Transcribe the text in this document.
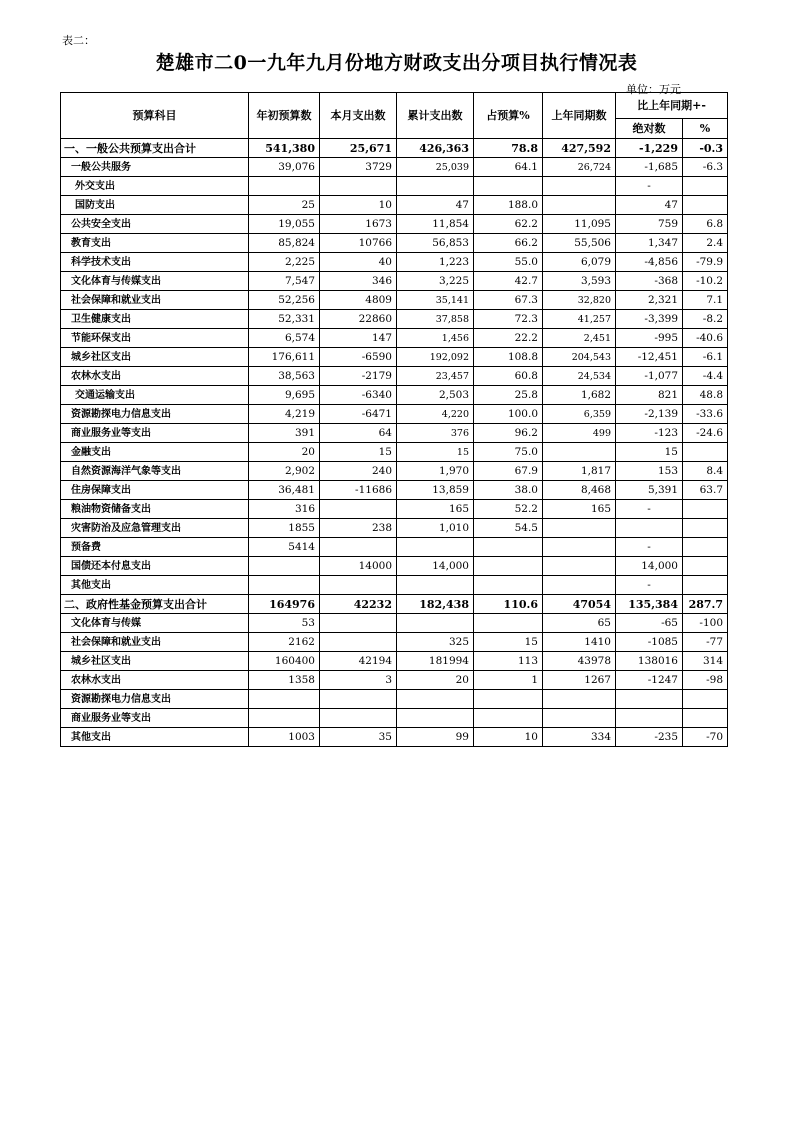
表二：
楚雄市二0一九年九月份地方财政支出分项目执行情况表
单位：万元
预算科目	年初预算数	本月支出数	累计支出数	占预算%	上年同期数	比上年同期+-	
						绝对数	%
一、一般公共预算支出合计	541,380	25,671	426,363	78.8	427,592	-1,229	-0.3
一般公共服务	39,076	3729	25,039	64.1	26,724	-1,685	-6.3
外交支出						-	
国防支出	25	10	47	188.0		47	
公共安全支出	19,055	1673	11,854	62.2	11,095	759	6.8
教育支出	85,824	10766	56,853	66.2	55,506	1,347	2.4
科学技术支出	2,225	40	1,223	55.0	6,079	-4,856	-79.9
文化体育与传媒支出	7,547	346	3,225	42.7	3,593	-368	-10.2
社会保障和就业支出	52,256	4809	35,141	67.3	32,820	2,321	7.1
卫生健康支出	52,331	22860	37,858	72.3	41,257	-3,399	-8.2
节能环保支出	6,574	147	1,456	22.2	2,451	-995	-40.6
城乡社区支出	176,611	-6590	192,092	108.8	204,543	-12,451	-6.1
农林水支出	38,563	-2179	23,457	60.8	24,534	-1,077	-4.4
交通运输支出	9,695	-6340	2,503	25.8	1,682	821	48.8
资源勘探电力信息支出	4,219	-6471	4,220	100.0	6,359	-2,139	-33.6
商业服务业等支出	391	64	376	96.2	499	-123	-24.6
金融支出	20	15	15	75.0		15	
自然资源海洋气象等支出	2,902	240	1,970	67.9	1,817	153	8.4
住房保障支出	36,481	-11686	13,859	38.0	8,468	5,391	63.7
粮油物资储备支出	316		165	52.2	165	-	
灾害防治及应急管理支出	1855	238	1,010	54.5			
预备费	5414					-	
国债还本付息支出		14000	14,000			14,000	
其他支出						-	
二、政府性基金预算支出合计	164976	42232	182,438	110.6	47054	135,384	287.7
文化体育与传媒	53				65	-65	-100
社会保障和就业支出	2162		325	15	1410	-1085	-77
城乡社区支出	160400	42194	181994	113	43978	138016	314
农林水支出	1358	3	20	1	1267	-1247	-98
资源勘探电力信息支出							
商业服务业等支出							
其他支出	1003	35	99	10	334	-235	-70
